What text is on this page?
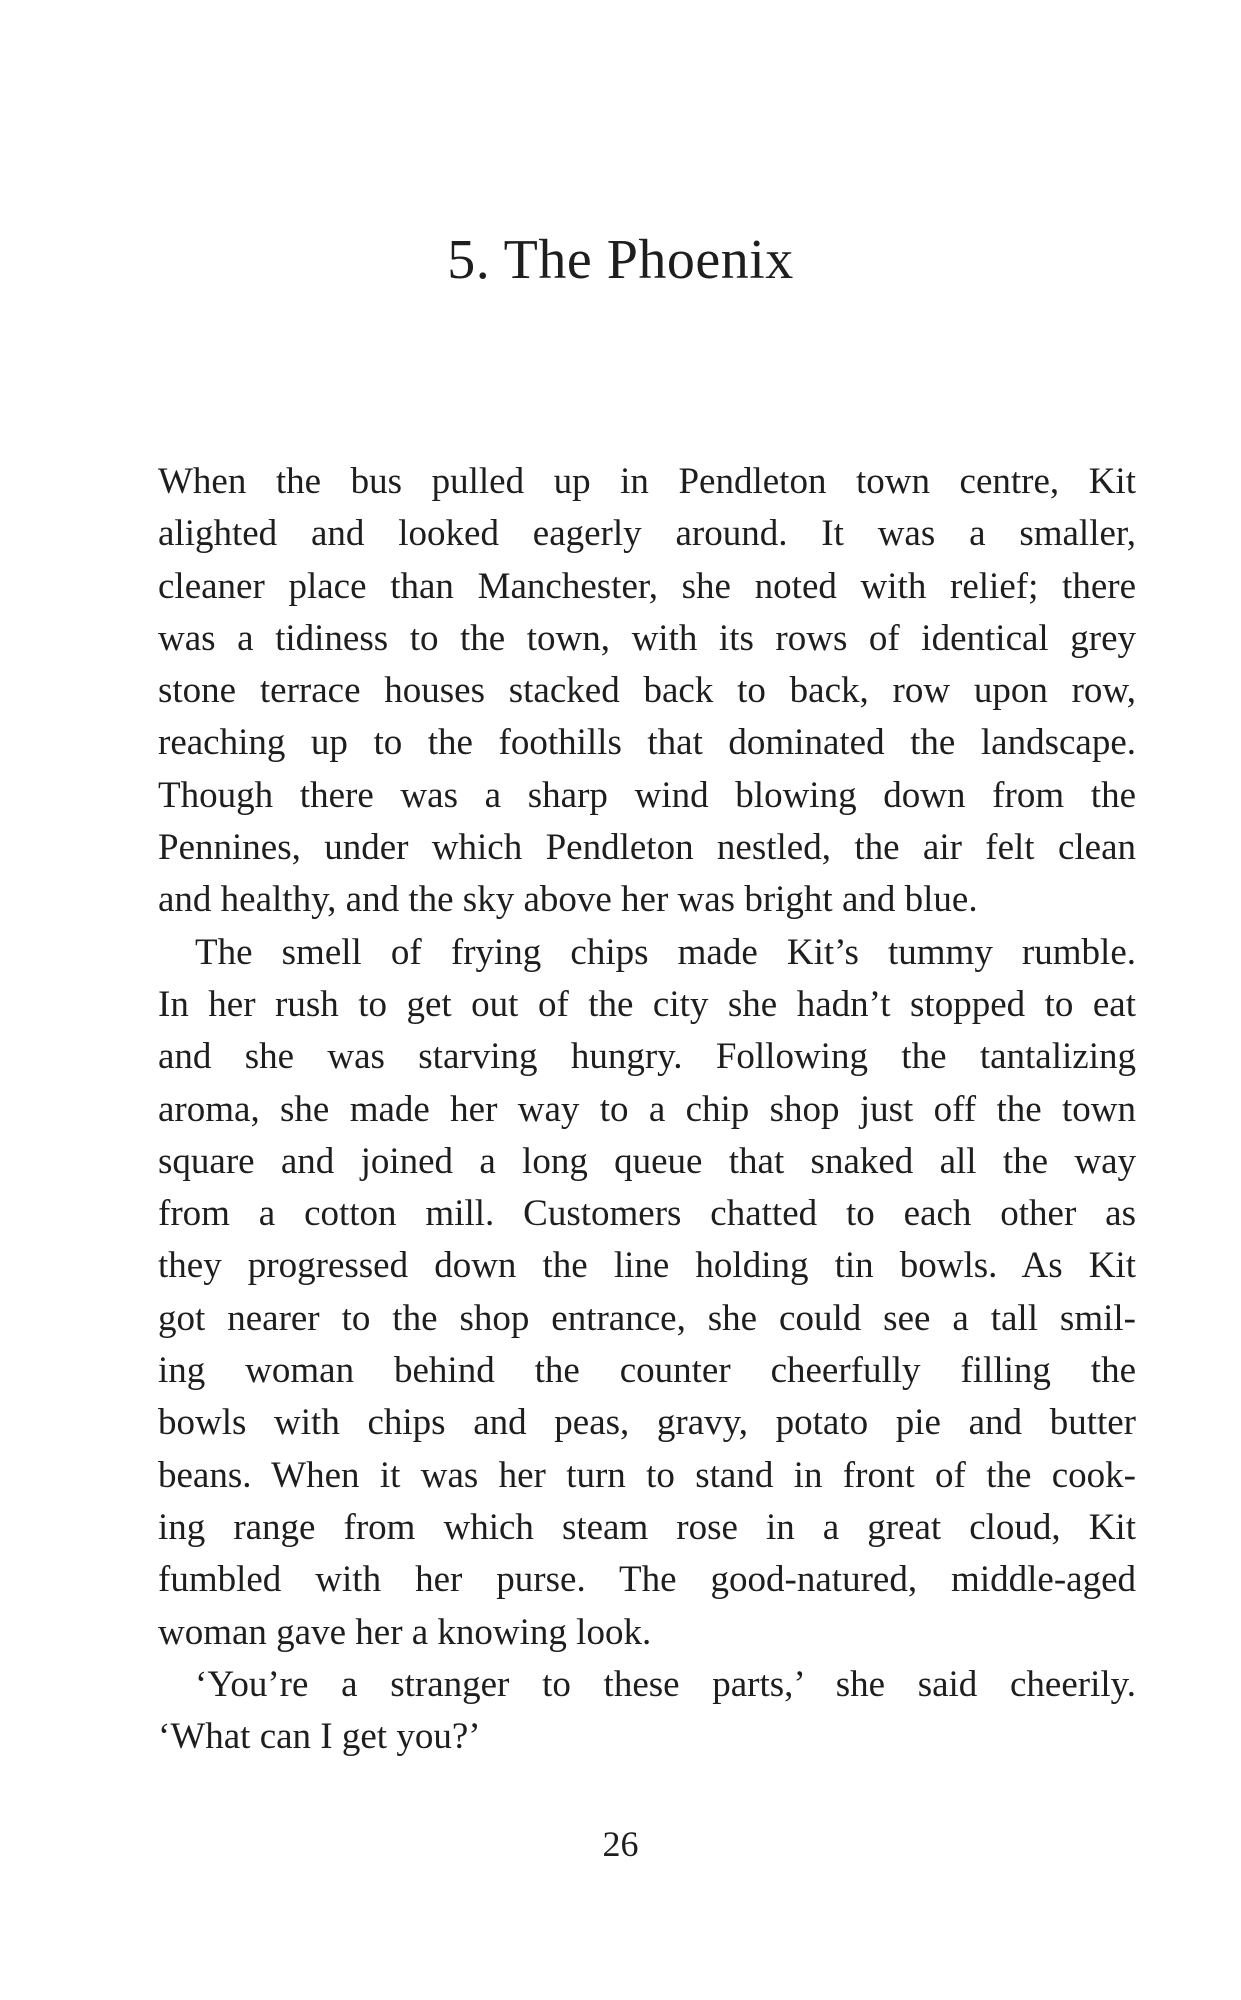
5. The Phoenix
When the bus pulled up in Pendleton town centre, Kit
alighted and looked eagerly around. It was a smaller,
cleaner place than Manchester, she noted with relief; there
was a tidiness to the town, with its rows of identical grey
stone terrace houses stacked back to back, row upon row,
reaching up to the foothills that dominated the landscape.
Though there was a sharp wind blowing down from the
Pennines, under which Pendleton nestled, the air felt clean
and healthy, and the sky above her was bright and blue.
 The smell of frying chips made Kit’s tummy rumble.
In her rush to get out of the city she hadn’t stopped to eat
and she was starving hungry. Following the tantalizing
aroma, she made her way to a chip shop just off the town
square and joined a long queue that snaked all the way
from a cotton mill. Customers chatted to each other as
they progressed down the line holding tin bowls. As Kit
got nearer to the shop entrance, she could see a tall smil-
ing woman behind the counter cheerfully filling the
bowls with chips and peas, gravy, potato pie and butter
beans. When it was her turn to stand in front of the cook-
ing range from which steam rose in a great cloud, Kit
fumbled with her purse. The good-natured, middle-aged
woman gave her a knowing look.
 ‘You’re a stranger to these parts,’ she said cheerily.
‘What can I get you?’
26
